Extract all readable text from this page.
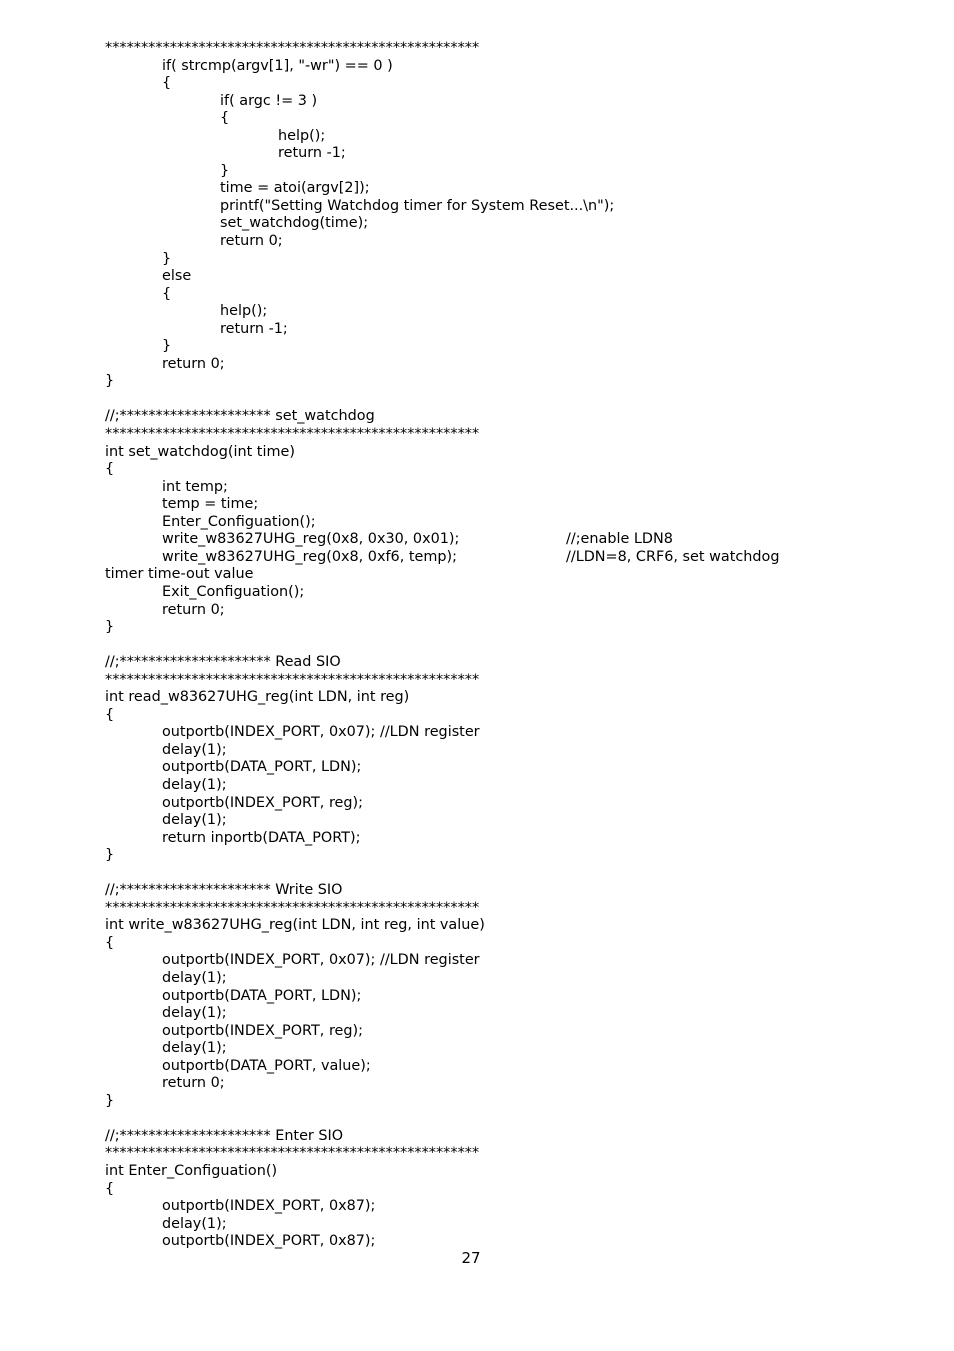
****************************************************
if( strcmp(argv[1], "-wr") == 0 )
{
if( argc != 3 )
{
help();
return -1;
}
time = atoi(argv[2]);
printf("Setting Watchdog timer for System Reset...\n");
set_watchdog(time);
return 0;
}
else
{
help();
return -1;
}
return 0;
}
//;********************* set_watchdog
****************************************************
int set_watchdog(int time)
{
int temp;
temp = time;
Enter_Configuation();
write_w83627UHG_reg(0x8, 0x30, 0x01);	//;enable LDN8
write_w83627UHG_reg(0x8, 0xf6, temp);	//LDN=8, CRF6, set watchdog
timer time-out value
Exit_Configuation();
return 0;
}
//;********************* Read SIO
****************************************************
int read_w83627UHG_reg(int LDN, int reg)
{
outportb(INDEX_PORT, 0x07); //LDN register
delay(1);
outportb(DATA_PORT, LDN);
delay(1);
outportb(INDEX_PORT, reg);
delay(1);
return inportb(DATA_PORT);
}
//;********************* Write SIO
****************************************************
int write_w83627UHG_reg(int LDN, int reg, int value)
{
outportb(INDEX_PORT, 0x07); //LDN register
delay(1);
outportb(DATA_PORT, LDN);
delay(1);
outportb(INDEX_PORT, reg);
delay(1);
outportb(DATA_PORT, value);
return 0;
}
//;********************* Enter SIO
****************************************************
int Enter_Configuation()
{
outportb(INDEX_PORT, 0x87);
delay(1);
outportb(INDEX_PORT, 0x87);
27
